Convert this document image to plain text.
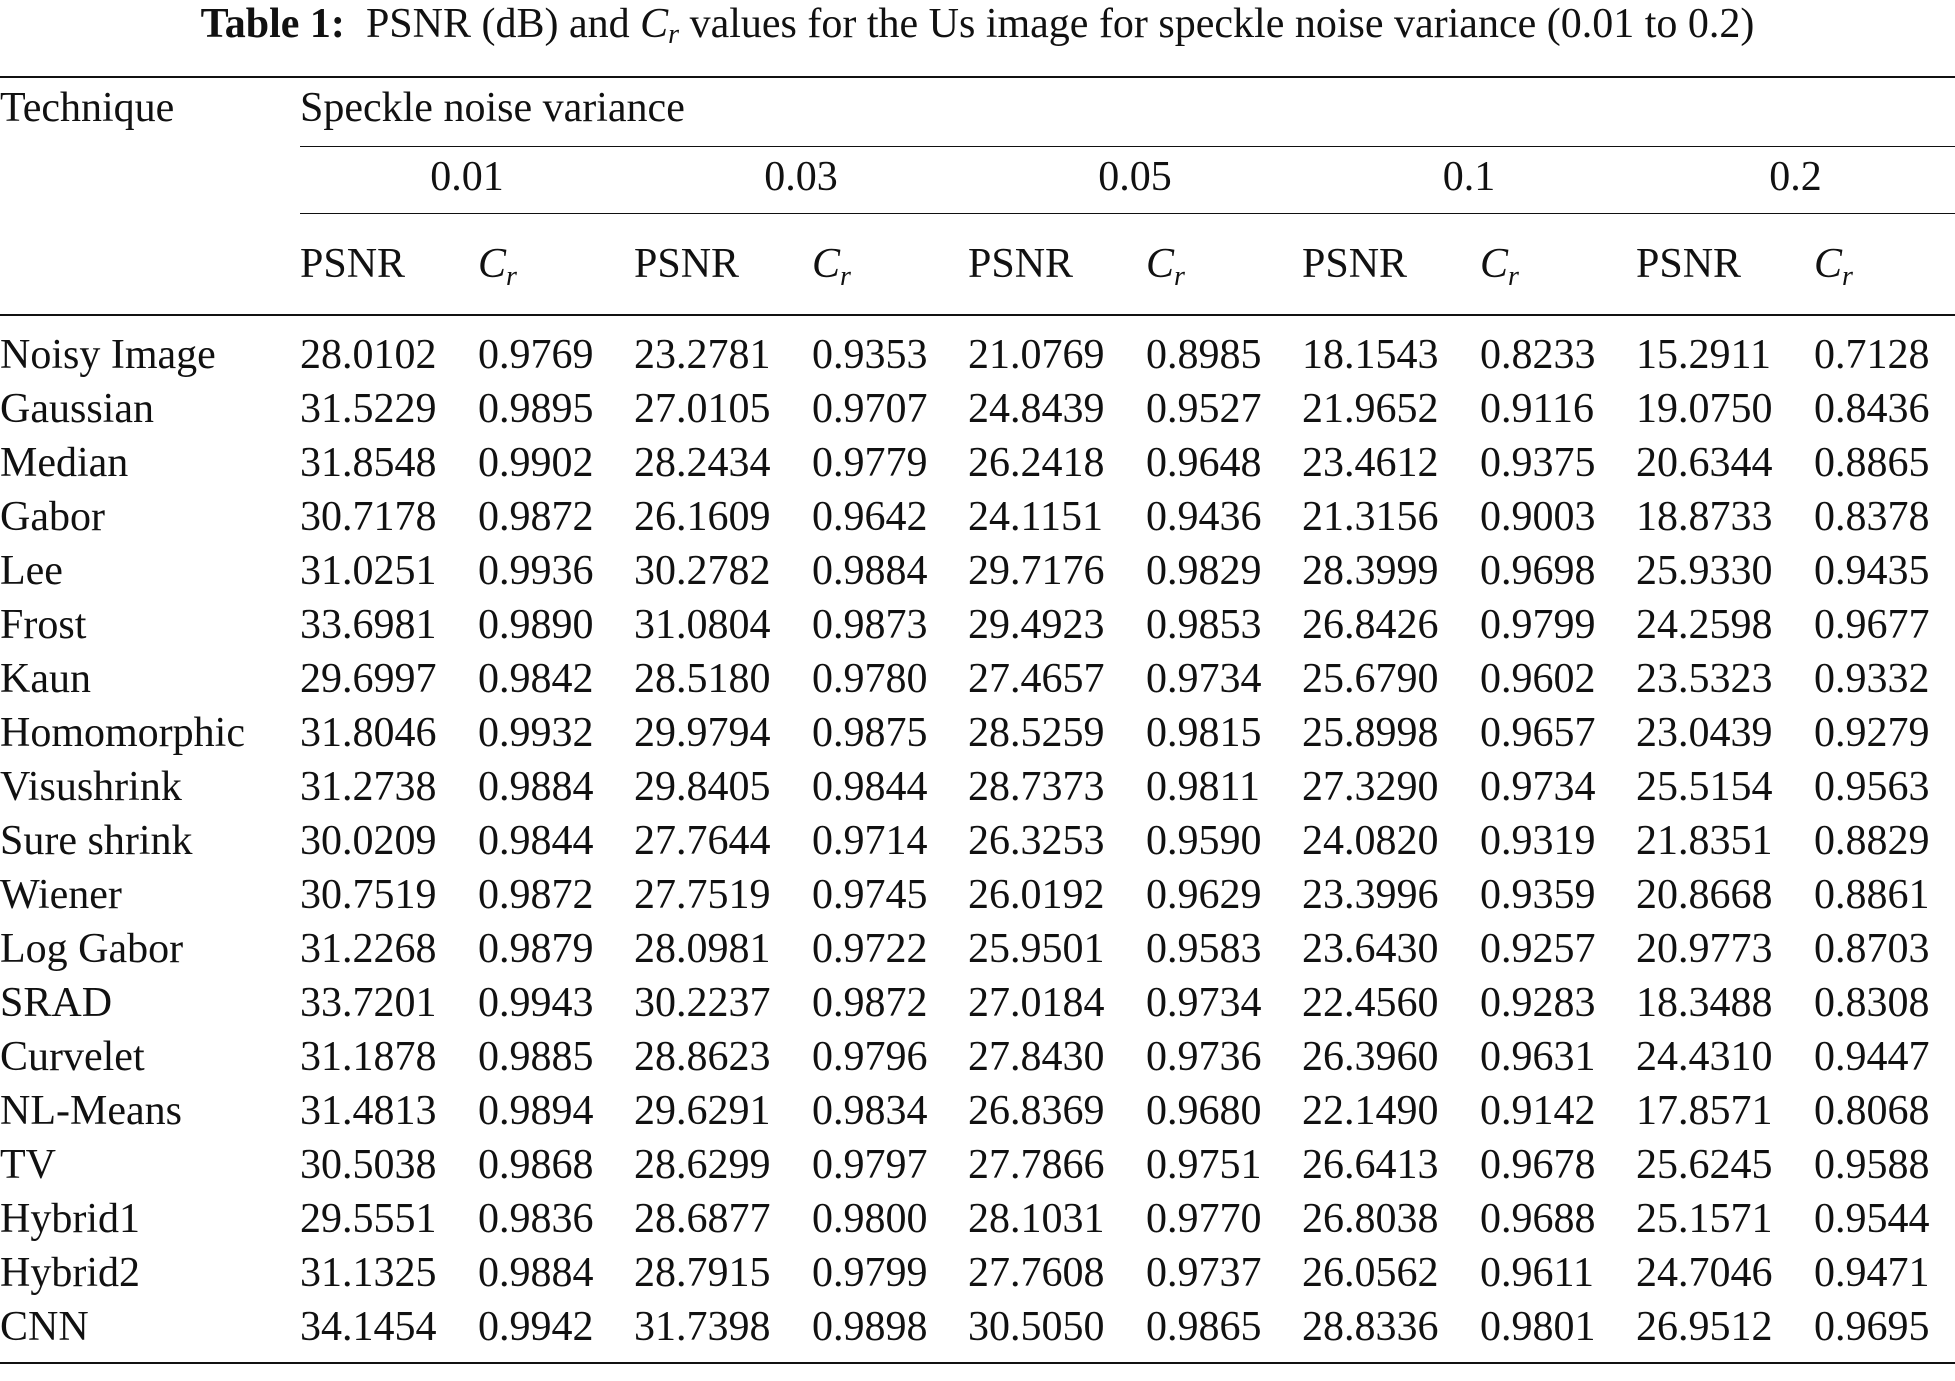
Table 1: PSNR (dB) and $C_r$ values for the Us image for speckle noise variance (0.01 to 0.2)
Technique	Speckle noise variance									
	0.01		0.03		0.05		0.1		0.2	
	PSNR	$C_r$	PSNR	$C_r$	PSNR	$C_r$	PSNR	$C_r$	PSNR	$C_r$
Noisy Image	28.0102	0.9769	23.2781	0.9353	21.0769	0.8985	18.1543	0.8233	15.2911	0.7128
Gaussian	31.5229	0.9895	27.0105	0.9707	24.8439	0.9527	21.9652	0.9116	19.0750	0.8436
Median	31.8548	0.9902	28.2434	0.9779	26.2418	0.9648	23.4612	0.9375	20.6344	0.8865
Gabor	30.7178	0.9872	26.1609	0.9642	24.1151	0.9436	21.3156	0.9003	18.8733	0.8378
Lee	31.0251	0.9936	30.2782	0.9884	29.7176	0.9829	28.3999	0.9698	25.9330	0.9435
Frost	33.6981	0.9890	31.0804	0.9873	29.4923	0.9853	26.8426	0.9799	24.2598	0.9677
Kaun	29.6997	0.9842	28.5180	0.9780	27.4657	0.9734	25.6790	0.9602	23.5323	0.9332
Homomorphic	31.8046	0.9932	29.9794	0.9875	28.5259	0.9815	25.8998	0.9657	23.0439	0.9279
Visushrink	31.2738	0.9884	29.8405	0.9844	28.7373	0.9811	27.3290	0.9734	25.5154	0.9563
Sure shrink	30.0209	0.9844	27.7644	0.9714	26.3253	0.9590	24.0820	0.9319	21.8351	0.8829
Wiener	30.7519	0.9872	27.7519	0.9745	26.0192	0.9629	23.3996	0.9359	20.8668	0.8861
Log Gabor	31.2268	0.9879	28.0981	0.9722	25.9501	0.9583	23.6430	0.9257	20.9773	0.8703
SRAD	33.7201	0.9943	30.2237	0.9872	27.0184	0.9734	22.4560	0.9283	18.3488	0.8308
Curvelet	31.1878	0.9885	28.8623	0.9796	27.8430	0.9736	26.3960	0.9631	24.4310	0.9447
NL-Means	31.4813	0.9894	29.6291	0.9834	26.8369	0.9680	22.1490	0.9142	17.8571	0.8068
TV	30.5038	0.9868	28.6299	0.9797	27.7866	0.9751	26.6413	0.9678	25.6245	0.9588
Hybrid1	29.5551	0.9836	28.6877	0.9800	28.1031	0.9770	26.8038	0.9688	25.1571	0.9544
Hybrid2	31.1325	0.9884	28.7915	0.9799	27.7608	0.9737	26.0562	0.9611	24.7046	0.9471
CNN	34.1454	0.9942	31.7398	0.9898	30.5050	0.9865	28.8336	0.9801	26.9512	0.9695
